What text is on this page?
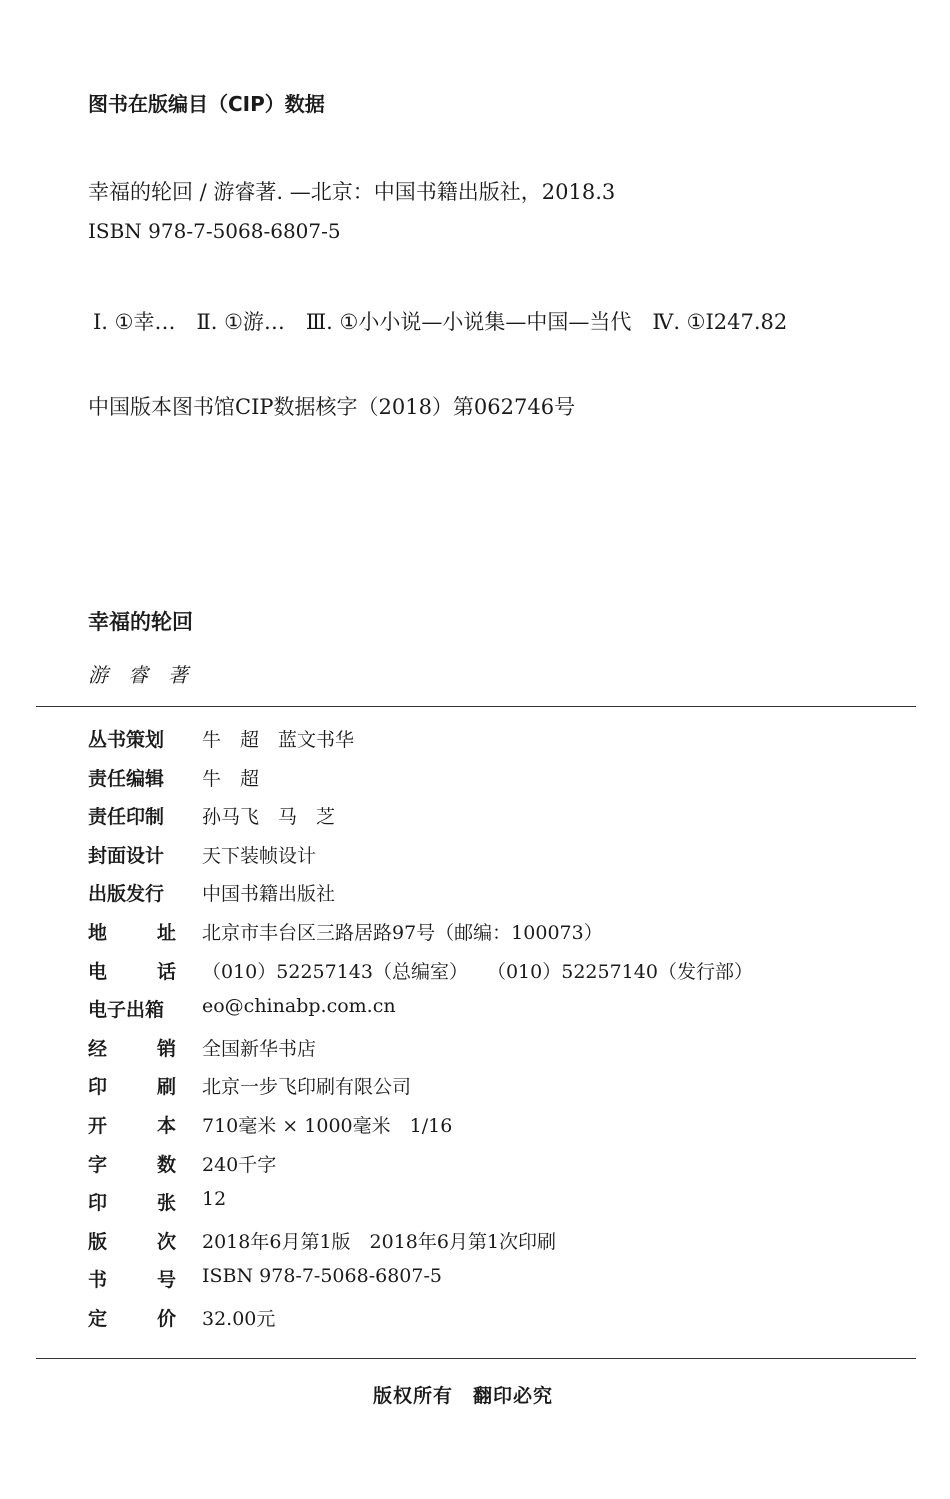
图书在版编目（CIP）数据
幸福的轮回 / 游睿著. —北京：中国书籍出版社，2018.3
ISBN 978-7-5068-6807-5
Ⅰ. ①幸…　Ⅱ. ①游…　Ⅲ. ①小小说—小说集—中国—当代　Ⅳ. ①I247.82
中国版本图书馆CIP数据核字（2018）第062746号
幸福的轮回
游睿著
丛书策划	牛　超　蓝文书华
责任编辑	牛　超
责任印制	孙马飞　马　芝
封面设计	天下装帧设计
出版发行	中国书籍出版社
地	址 北京市丰台区三路居路97号（邮编：100073）
电	话 （010）52257143（总编室）　　（010）52257140（发行部）
电子出箱	eo@chinabp.com.cn
经	销 全国新华书店
印	刷 北京一步飞印刷有限公司
开	本 710毫米 × 1000毫米　1/16
字	数 240千字
印	张 12
版	次 2018年6月第1版　2018年6月第1次印刷
书	号 ISBN 978-7-5068-6807-5
定	价 32.00元
版权所有　翻印必究
